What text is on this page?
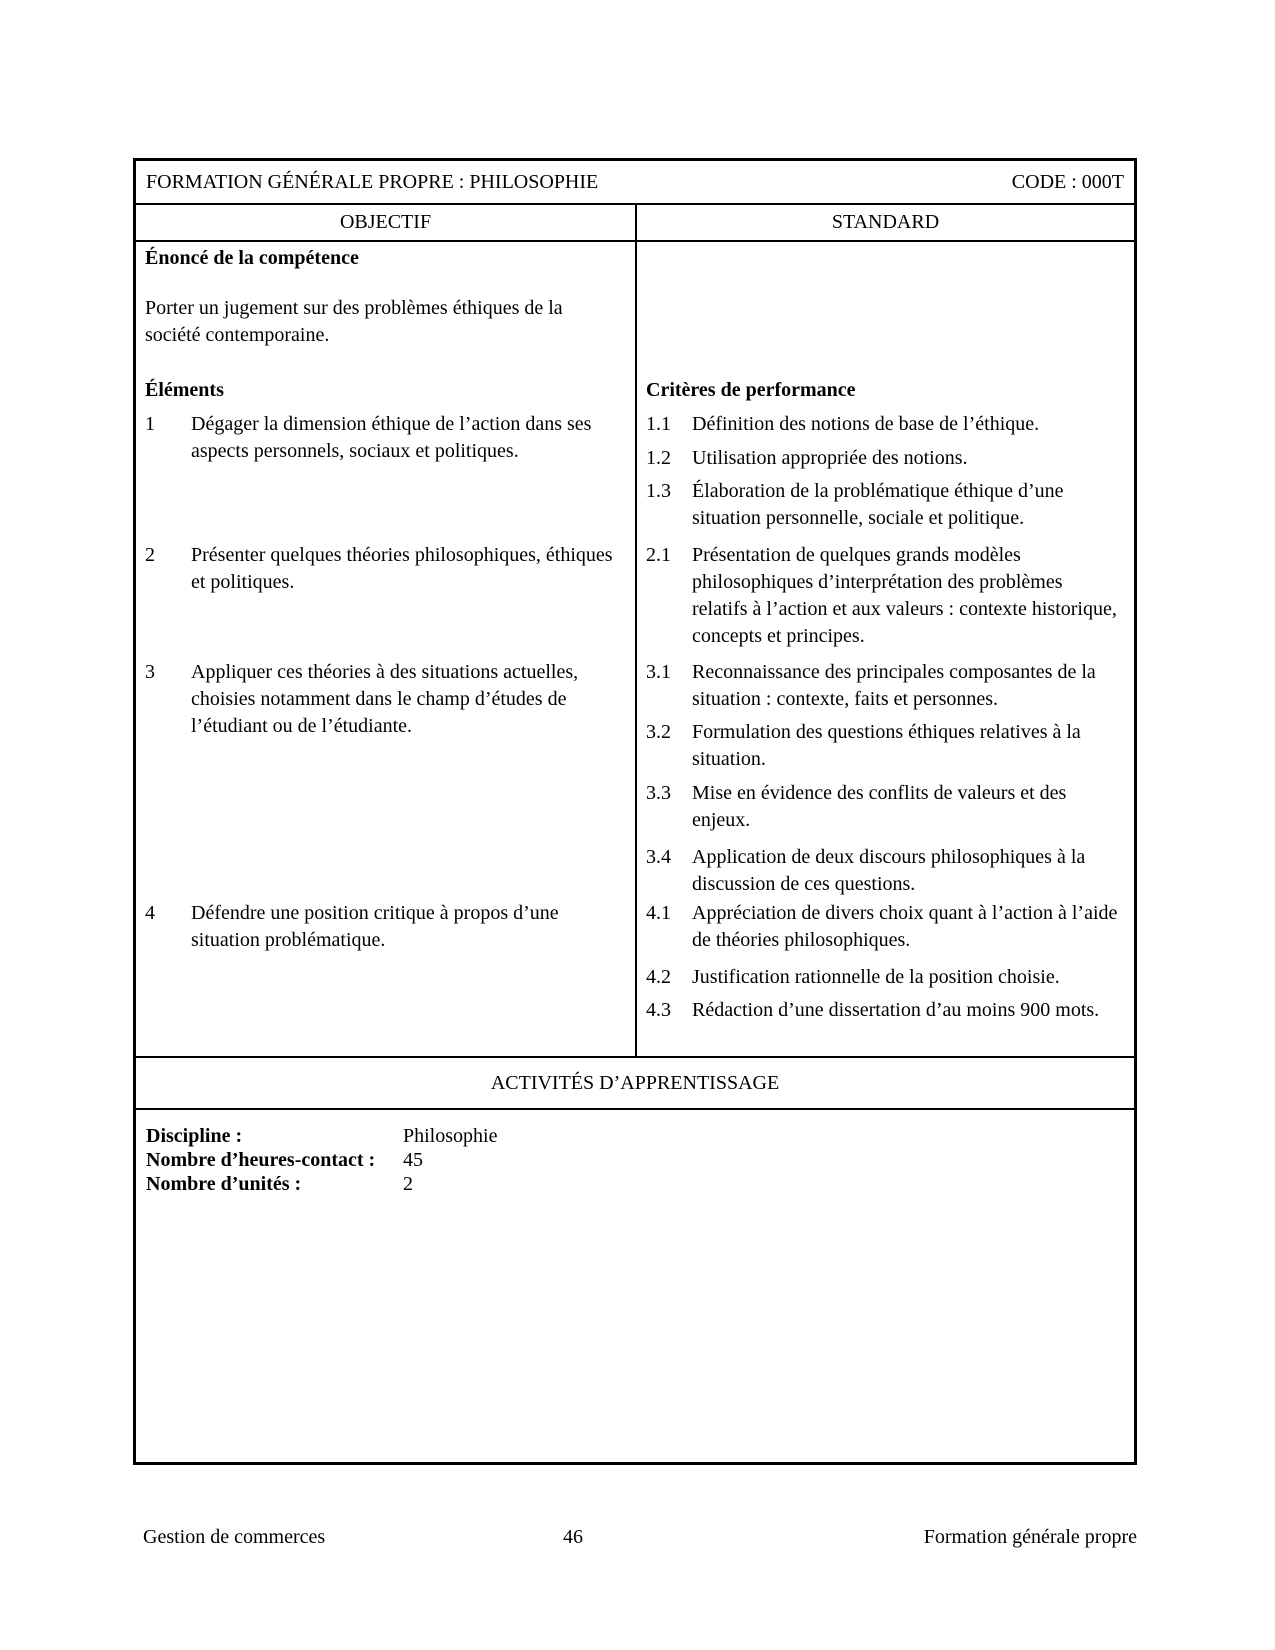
FORMATION GÉNÉRALE PROPRE : PHILOSOPHIE	CODE : 000T
OBJECTIF	STANDARD
Énoncé de la compétence
Porter un jugement sur des problèmes éthiques de la société contemporaine.
Éléments
1	Dégager la dimension éthique de l’action dans ses aspects personnels, sociaux et politiques.
2	Présenter quelques théories philosophiques, éthiques et politiques.
3	Appliquer ces théories à des situations actuelles, choisies notamment dans le champ d’études de l’étudiant ou de l’étudiante.
4	Défendre une position critique à propos d’une situation problématique.
Critères de performance
1.1	Définition des notions de base de l’éthique.
1.2	Utilisation appropriée des notions.
1.3	Élaboration de la problématique éthique d’une situation personnelle, sociale et politique.
2.1	Présentation de quelques grands modèles philosophiques d’interprétation des problèmes relatifs à l’action et aux valeurs : contexte historique, concepts et principes.
3.1	Reconnaissance des principales composantes de la situation : contexte, faits et personnes.
3.2	Formulation des questions éthiques relatives à la situation.
3.3	Mise en évidence des conflits de valeurs et des enjeux.
3.4	Application de deux discours philosophiques à la discussion de ces questions.
4.1	Appréciation de divers choix quant à l’action à l’aide de théories philosophiques.
4.2	Justification rationnelle de la position choisie.
4.3	Rédaction d’une dissertation d’au moins 900 mots.
ACTIVITÉS D’APPRENTISSAGE
Discipline :	Philosophie
Nombre d’heures-contact :	45
Nombre d’unités :	2
Gestion de commerces	46	Formation générale propre
